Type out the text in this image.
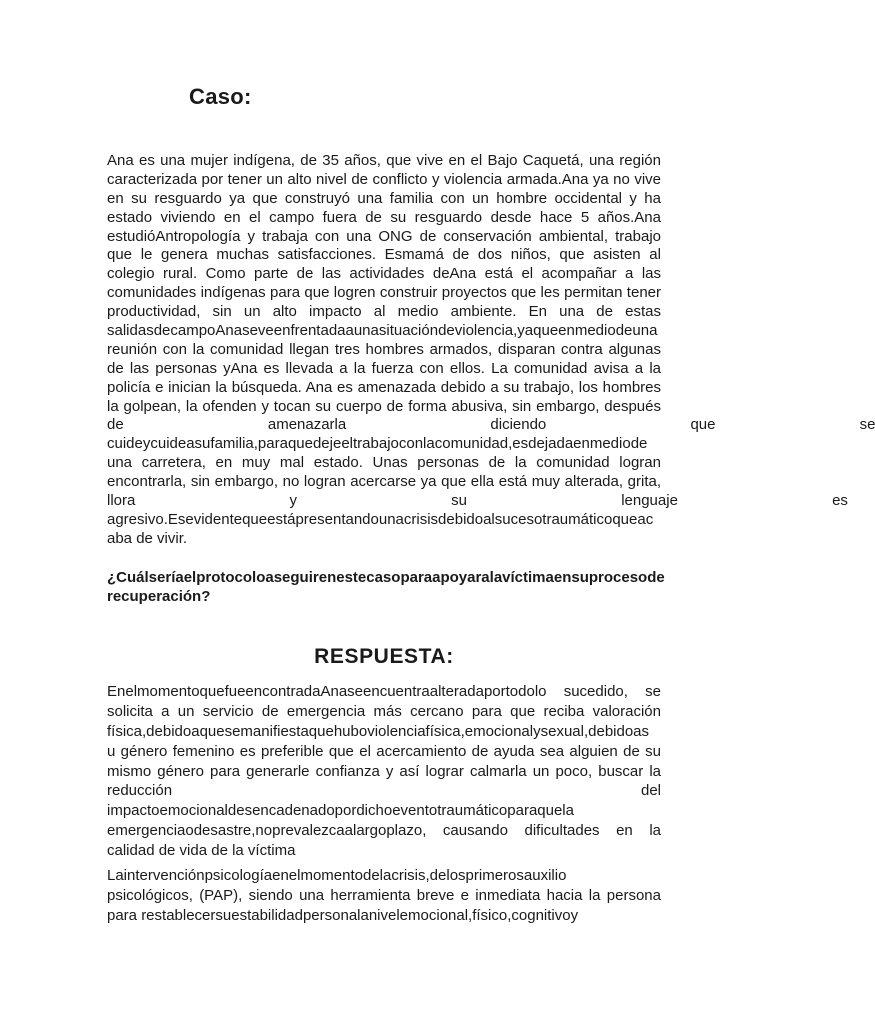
Caso:
Ana es una mujer indígena, de 35 años, que vive en el Bajo Caquetá, una región
caracterizada por tener un alto nivel de conflicto y violencia armada.Ana ya no vive
en su resguardo ya que construyó una familia con un hombre occidental y ha
estado viviendo en el campo fuera de su resguardo desde hace 5 años.Ana
estudióAntropología y trabaja con una ONG de conservación ambiental, trabajo
que le genera muchas satisfacciones. Esmamá de dos niños, que asisten al
colegio rural. Como parte de las actividades deAna está el acompañar a las
comunidades indígenas para que logren construir proyectos que les permitan tener
productividad, sin un alto impacto al medio ambiente. En una de estas
salidasdecampoAnaseveenfrentadaaunasituacióndeviolencia,yaqueenmediodeuna
reunión con la comunidad llegan tres hombres armados, disparan contra algunas
de las personas yAna es llevada a la fuerza con ellos. La comunidad avisa a la
policía e inician la búsqueda. Ana es amenazada debido a su trabajo, los hombres
la golpean, la ofenden y tocan su cuerpo de forma abusiva, sin embargo, después
de amenazarla diciendo que se
cuideycuideasufamilia,paraquedejeeltrabajoconlacomunidad,esdejadaenmediode
una carretera, en muy mal estado. Unas personas de la comunidad logran
encontrarla, sin embargo, no logran acercarse ya que ella está muy alterada, grita,
llora y su lenguaje es
agresivo.Esevidentequeestápresentandounacrisisdebidoalsucesotraumáticoqueac
aba de vivir.
¿Cuálseríaelprotocoloaseguirenestecasoparaapoyaralavíctimaensuprocesode
recuperación?
RESPUESTA:
EnelmomentoquefueencontradaAnaseencuentraalteradaportodolo sucedido, se
solicita a un servicio de emergencia más cercano para que reciba valoración
física,debidoaquesemanifiestaquehuboviolenciafísica,emocionalysexual,debidoas
u género femenino es preferible que el acercamiento de ayuda sea alguien de su
mismo género para generarle confianza y así lograr calmarla un poco, buscar la
reducción del
impactoemocionaldesencadenadopordichoeventotraumáticoparaquela
emergenciaodesastre,noprevalezcaalargoplazo, causando dificultades en la
calidad de vida de la víctima
Laintervenciónpsicologíaenelmomentodelacrisis,delosprimerosauxilio
psicológicos, (PAP), siendo una herramienta breve e inmediata hacia la persona
para restablecersuestabilidadpersonalanivelemocional,físico,cognitivoy
